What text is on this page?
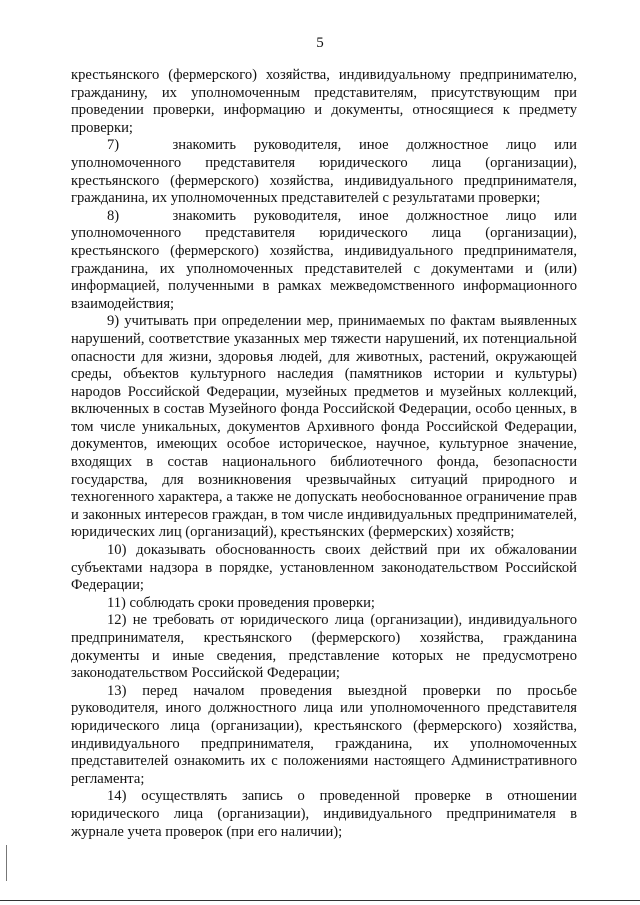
5

крестьянского (фермерского) хозяйства, индивидуальному предпринимателю, гражданину, их уполномоченным представителям, присутствующим при проведении проверки, информацию и документы, относящиеся к предмету проверки;

7)   знакомить руководителя, иное должностное лицо или уполномоченного представителя юридического лица (организации), крестьянского (фермерского) хозяйства, индивидуального предпринимателя, гражданина, их уполномоченных представителей с результатами проверки;

8)   знакомить руководителя, иное должностное лицо или уполномоченного представителя юридического лица (организации), крестьянского (фермерского) хозяйства, индивидуального предпринимателя, гражданина, их уполномоченных представителей с документами и (или) информацией, полученными в рамках межведомственного информационного взаимодействия;

9) учитывать при определении мер, принимаемых по фактам выявленных нарушений, соответствие указанных мер тяжести нарушений, их потенциальной опасности для жизни, здоровья людей, для животных, растений, окружающей среды, объектов культурного наследия (памятников истории и культуры) народов Российской Федерации, музейных предметов и музейных коллекций, включенных в состав Музейного фонда Российской Федерации, особо ценных, в том числе уникальных, документов Архивного фонда Российской Федерации, документов, имеющих особое историческое, научное, культурное значение, входящих в состав национального библиотечного фонда, безопасности государства, для возникновения чрезвычайных ситуаций природного и техногенного характера, а также не допускать необоснованное ограничение прав и законных интересов граждан, в том числе индивидуальных предпринимателей, юридических лиц (организаций), крестьянских (фермерских) хозяйств;

10) доказывать обоснованность своих действий при их обжаловании субъектами надзора в порядке, установленном законодательством Российской Федерации;

11) соблюдать сроки проведения проверки;

12) не требовать от юридического лица (организации), индивидуального предпринимателя, крестьянского (фермерского) хозяйства, гражданина документы и иные сведения, представление которых не предусмотрено законодательством Российской Федерации;

13) перед началом проведения выездной проверки по просьбе руководителя, иного должностного лица или уполномоченного представителя юридического лица (организации), крестьянского (фермерского) хозяйства, индивидуального предпринимателя, гражданина, их уполномоченных представителей ознакомить их с положениями настоящего Административного регламента;

14) осуществлять запись о проведенной проверке в отношении юридического лица (организации), индивидуального предпринимателя в журнале учета проверок (при его наличии);
